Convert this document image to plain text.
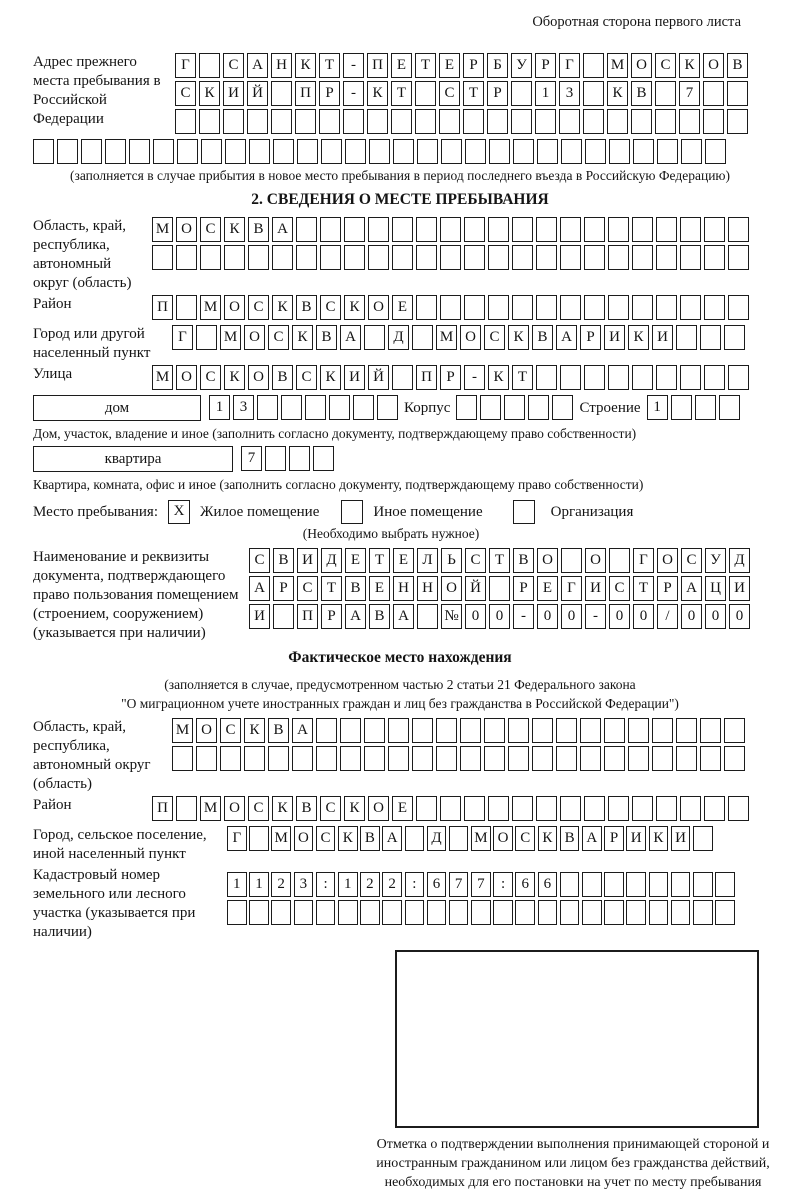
Оборотная сторона первого листа
Адрес прежнего места пребывания в Российской Федерации
Г	С А Н К Т	-	П Е Т Е	Р	Б У Р	Г	М О С К О В
С К И Й	П Р	-	К Т	С Т	Р	1	3	К В	7
(заполняется в случае прибытия в новое место пребывания в период последнего въезда в Российскую Федерацию)
2. СВЕДЕНИЯ О МЕСТЕ ПРЕБЫВАНИЯ
Область, край, республика, автономный округ (область)
М О С К В А
Район	П	М О С К В С К О Е
Город или другой населенный пункт
Г	М О С К В А	Д	М О С К В А Р И К И
Улица	М О С К О В С К И Й	П Р	-	К Т
дом	1	3	Корпус	Строение 1
Дом, участок, владение и иное (заполнить согласно документу, подтверждающему право собственности)
квартира	7
Квартира, комната, офис и иное (заполнить согласно документу, подтверждающему право собственности)
Место пребывания:	X	Жилое помещение	Иное помещение	Организация
(Необходимо выбрать нужное)
Наименование и реквизиты документа, подтверждающего право пользования помещением (строением, сооружением) (указывается при наличии)
С В И Д Е Т Е Л Ь С Т В О	О	Г О С У Д
А Р С Т В Е Н Н О Й	Р	Е	Г И С Т	Р А Ц И
И	П Р А В А	№ 0	0	-	0	0	-	0	0	/	0	0	0
Фактическое место нахождения
(заполняется в случае, предусмотренном частью 2 статьи 21 Федерального закона
"О миграционном учете иностранных граждан и лиц без гражданства в Российской Федерации")
Область, край, республика, автономный округ (область)
М О С К В А
Район	П	М О С К В С К О Е
Город, сельское поселение, иной населенный пункт
Г	М О С К В А	Д	М О С К В А Р И К И
Кадастровый номер земельного или лесного участка (указывается при наличии)
1 1 2 3	:	1 2 2	:	6 7 7	:	6 6
Отметка о подтверждении выполнения принимающей стороной и иностранным гражданином или лицом без гражданства действий, необходимых для его постановки на учет по месту пребывания
